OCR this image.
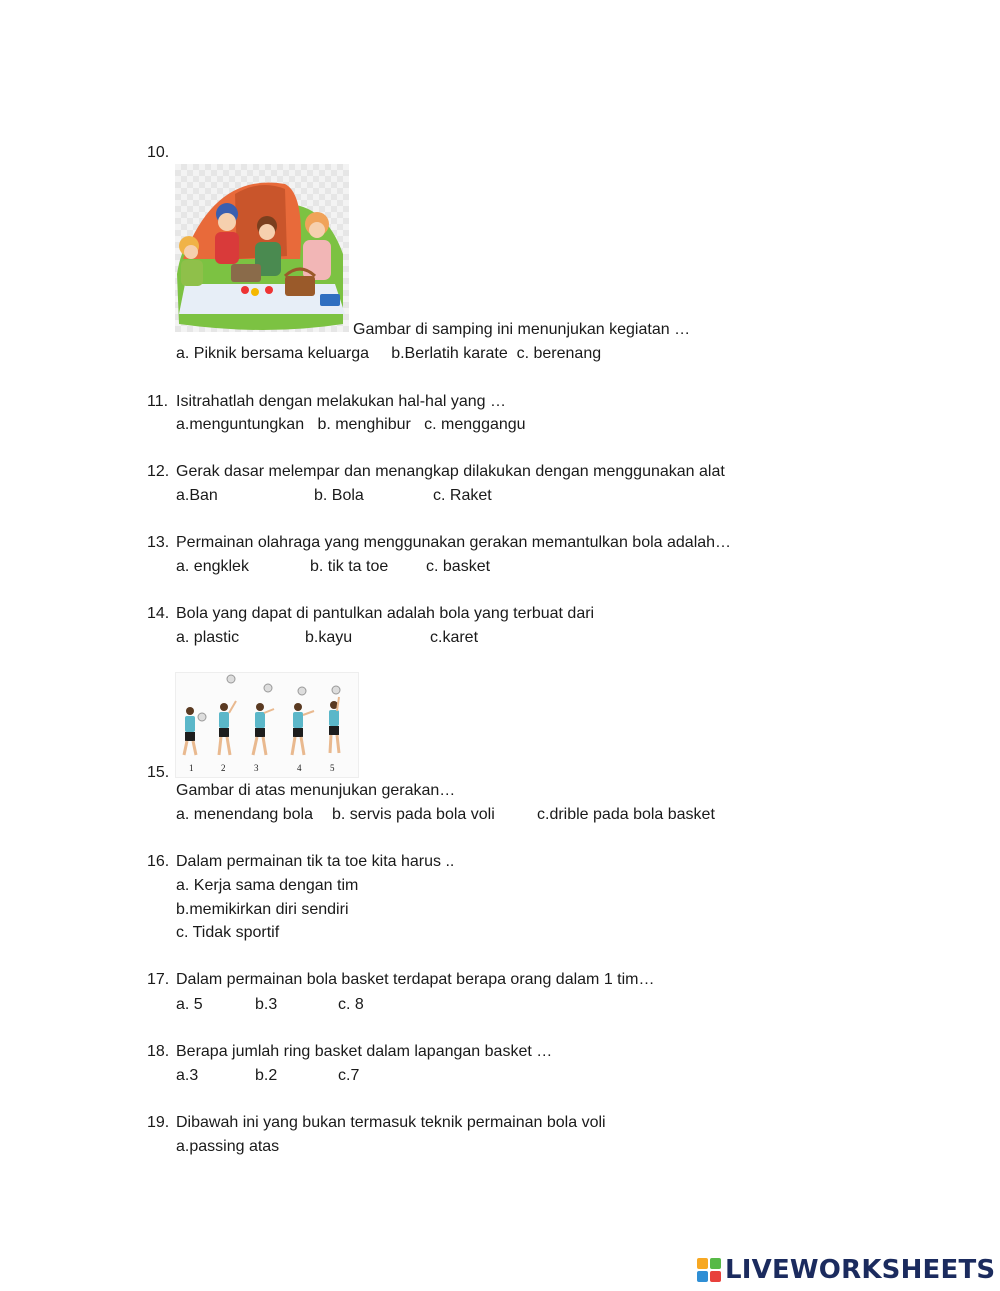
10.
Gambar di samping ini menunjukan kegiatan …
a. Piknik bersama keluarga     b.Berlatih karate  c. berenang
11. Isitrahatlah dengan melakukan hal-hal yang …
a.menguntungkan   b. menghibur   c. menggangu
12. Gerak dasar melempar dan menangkap dilakukan dengan menggunakan alat
a.Ban	b. Bola	c. Raket
13. Permainan olahraga yang menggunakan gerakan memantulkan bola adalah…
a. engklek	b. tik ta toe c. basket
14. Bola yang dapat di pantulkan adalah bola yang terbuat dari
a. plastic	b.kayu	c.karet
1	2	3	4	5
15.
Gambar di atas menunjukan gerakan…
a. menendang bola b. servis pada bola voli	c.drible pada bola basket
16. Dalam permainan tik ta toe kita harus ..
a. Kerja sama dengan tim
b.memikirkan diri sendiri
c. Tidak sportif
17. Dalam permainan bola basket terdapat berapa orang dalam 1 tim…
a. 5	b.3	c. 8
18. Berapa jumlah ring basket dalam lapangan basket …
a.3	b.2	c.7
19. Dibawah ini yang bukan termasuk teknik permainan bola voli
a.passing atas
LIVEWORKSHEETS
